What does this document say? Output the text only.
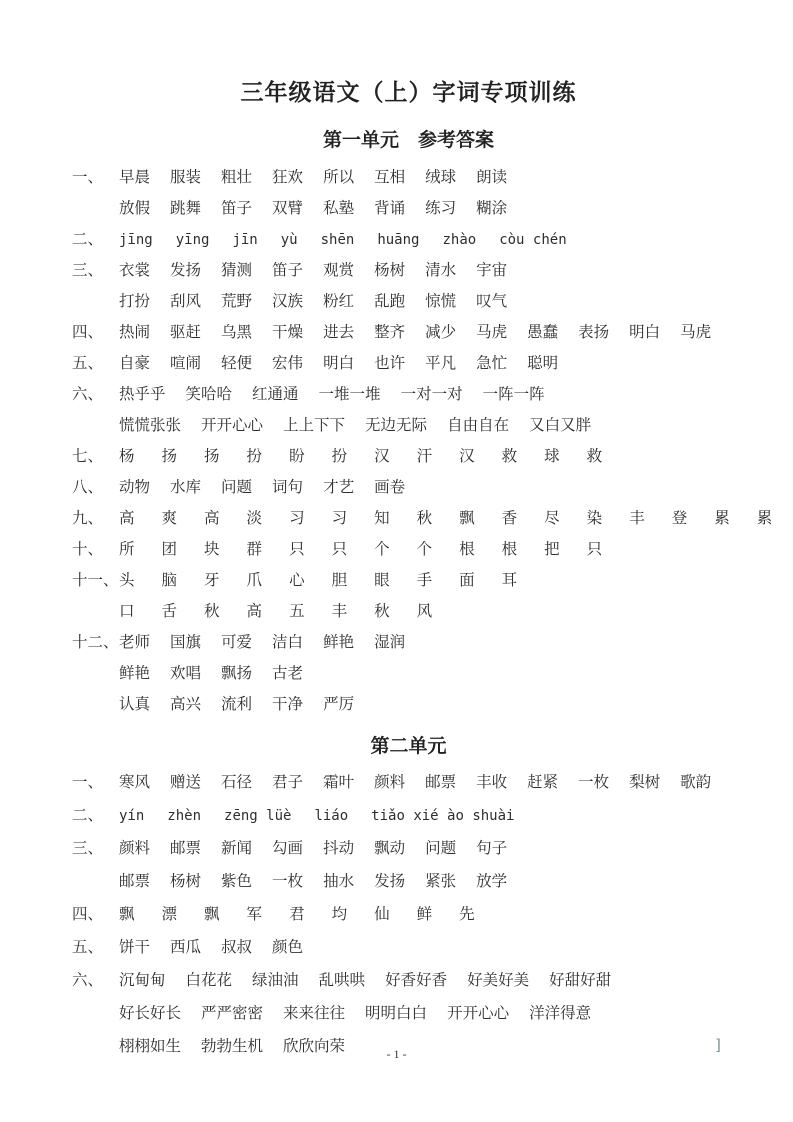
三年级语文（上）字词专项训练
第一单元　参考答案
一、	早晨 服装 粗壮 狂欢 所以 互相 绒球 朗读
放假 跳舞 笛子 双臂 私塾 背诵 练习 糊涂
二、	jīng yīng jīn yù shēn huāng zhào còu chén
三、	衣裳 发扬 猜测 笛子 观赏 杨树 清水 宇宙
打扮 刮风 荒野 汉族 粉红 乱跑 惊慌 叹气
四、	热闹 驱赶 乌黑 干燥 进去 整齐 减少 马虎 愚蠢 表扬 明白 马虎
五、	自豪 喧闹 轻便 宏伟 明白 也许 平凡 急忙 聪明
六、	热乎乎 笑哈哈 红通通 一堆一堆 一对一对 一阵一阵
慌慌张张 开开心心 上上下下 无边无际 自由自在 又白又胖
七、	杨 扬 扬 扮 盼 扮 汉 汗 汉 救 球 救
八、	动物 水库 问题 词句 才艺 画卷
九、	高 爽 高 淡 习 习 知 秋 飘 香 尽 染 丰 登 累 累
十、	所 团 块 群 只 只 个 个 根 根 把 只
十一、 头 脑 牙 爪 心 胆 眼 手 面 耳
口 舌 秋 高 五 丰 秋 风
十二、 老师 国旗 可爱 洁白 鲜艳 湿润
鲜艳 欢唱 飘扬 古老
认真 高兴 流利 干净 严厉
第二单元
一、	寒风 赠送 石径 君子 霜叶 颜料 邮票 丰收 赶紧 一枚 梨树 歌韵
二、	yín zhèn zēng lüè liáo tiǎo xié ào shuài
三、	颜料 邮票 新闻 勾画 抖动 飘动 问题 句子
邮票 杨树 紫色 一枚 抽水 发扬 紧张 放学
四、	飘 漂 飘 军 君 均 仙 鲜 先
五、	饼干 西瓜 叔叔 颜色
六、	沉甸甸 白花花 绿油油 乱哄哄 好香好香 好美好美 好甜好甜
好长好长 严严密密 来来往往 明明白白 开开心心 洋洋得意
栩栩如生 勃勃生机 欣欣向荣	- 1 -	]
